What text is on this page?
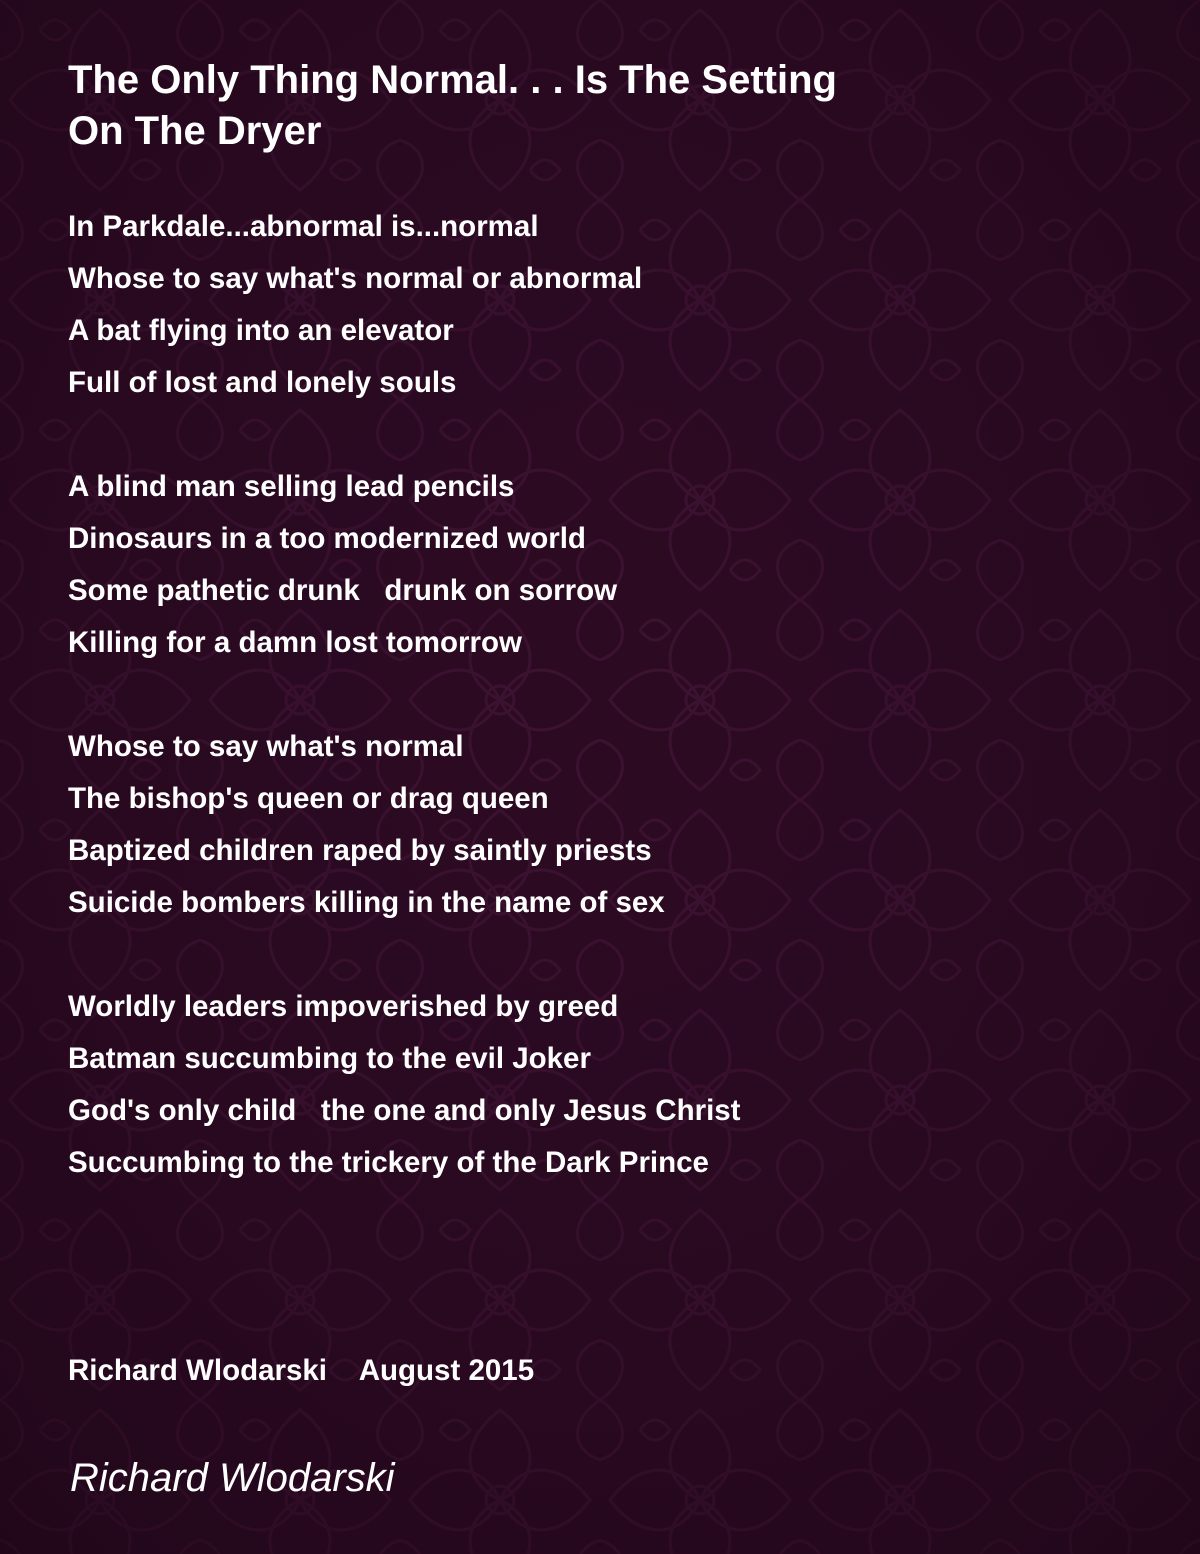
The Only Thing Normal. . . Is The Setting
On The Dryer
In Parkdale...abnormal is...normal
Whose to say what's normal or abnormal
A bat flying into an elevator
Full of lost and lonely souls
A blind man selling lead pencils
Dinosaurs in a too modernized world
Some pathetic drunk   drunk on sorrow
Killing for a damn lost tomorrow
Whose to say what's normal
The bishop's queen or drag queen
Baptized children raped by saintly priests
Suicide bombers killing in the name of sex
Worldly leaders impoverished by greed
Batman succumbing to the evil Joker
God's only child   the one and only Jesus Christ
Succumbing to the trickery of the Dark Prince
Richard Wlodarski    August 2015
Richard Wlodarski
